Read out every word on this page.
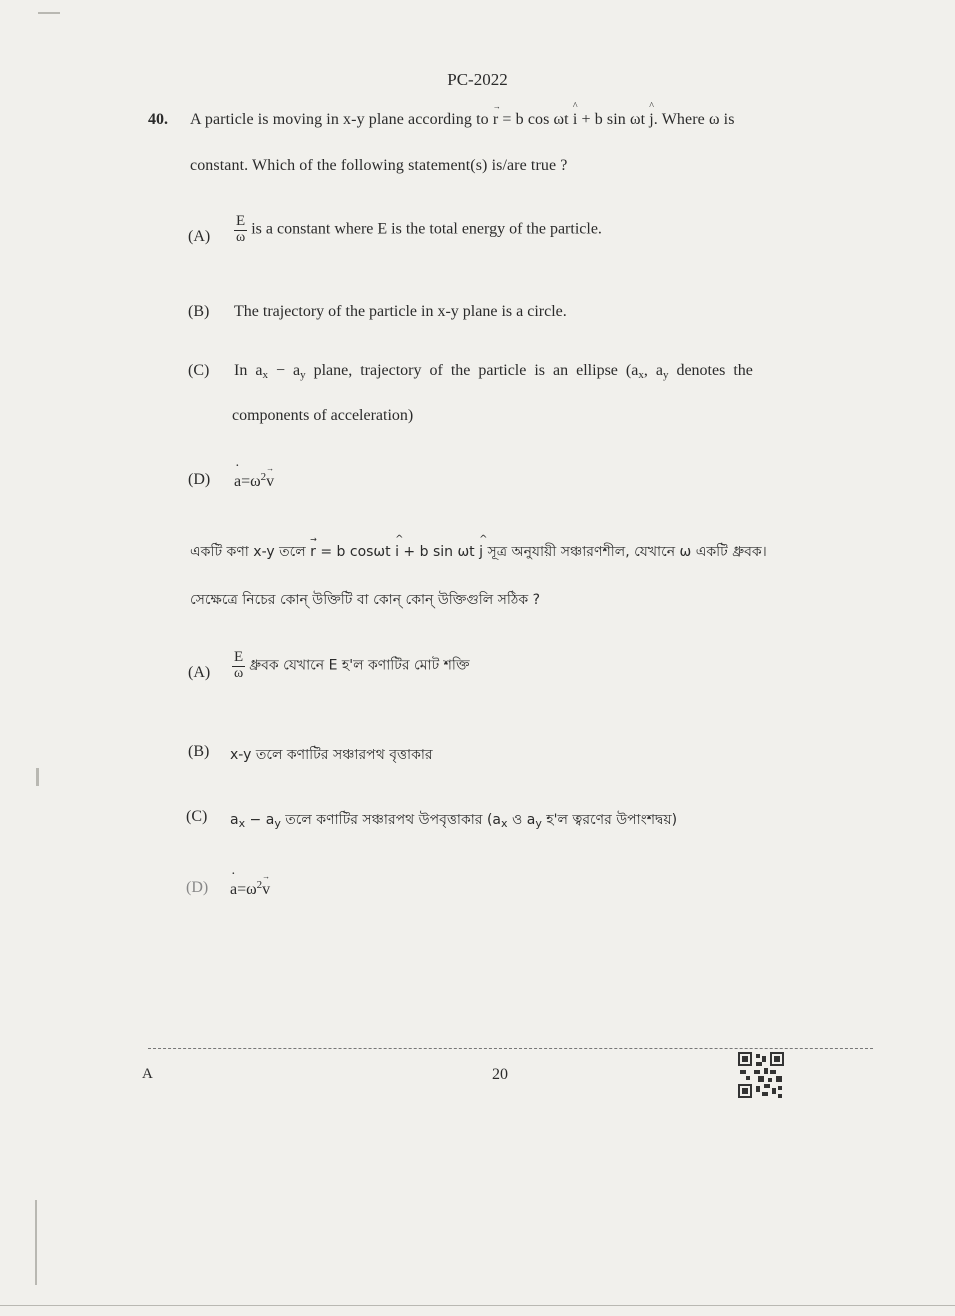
PC-2022
40. A particle is moving in x-y plane according to → r = b cos ωt ^ i + b sin ωt ^ j. Where ω is
constant. Which of the following statement(s) is/are true ?
$(A) \frac{E}{\omega}$ is a constant where E is the total energy of the particle.
(B) The trajectory of the particle in x-y plane is a circle.
(C) In  $a_x - a_y$  plane,  trajectory  of  the  particle  is  an  ellipse  ($a_x$,  $a_y$  denotes  the
components of acceleration)
(D)
· $a=\omega^2\to v$
একটি কণা x-y তলে → r = b cosωt ^ i + b sin ωt ^ j সূত্র অনুযায়ী সঞ্চারণশীল, যেখানে ω একটি ধ্রুবক।
সেক্ষেত্রে নিচের কোন্ উক্তিটি বা কোন্ কোন্ উক্তিগুলি সঠিক ?
$(A) \frac{E}{\omega}$ ধ্রুবক যেখানে E হ'ল কণাটির মোট শক্তি
(B) x-y তলে কণাটির সঞ্চারপথ বৃত্তাকার
(C) $a_x - a_y$ তলে কণাটির সঞ্চারপথ উপবৃত্তাকার ($a_x$ ও $a_y$ হ'ল ত্বরণের উপাংশদ্বয়)
(D)
· $a=\omega^2\to v$
A	20
